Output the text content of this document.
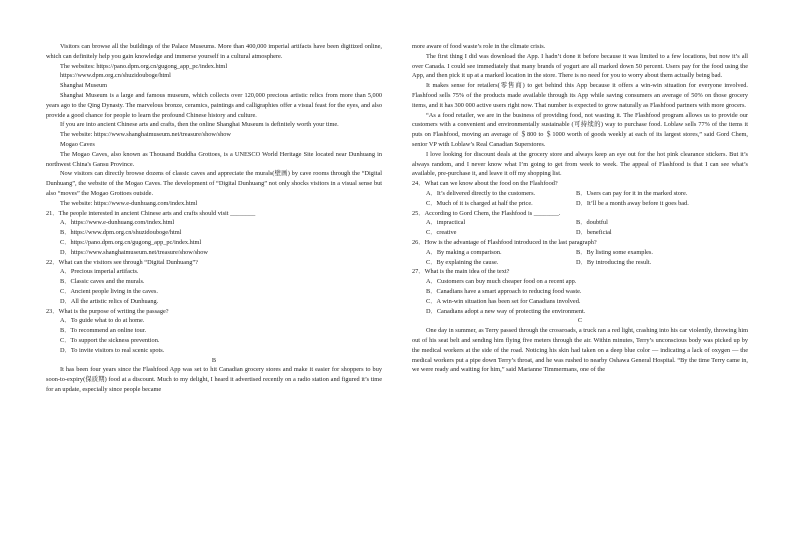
Visitors can browse all the buildings of the Palace Museums. More than 400,000 imperial artifacts have been digitized online, which can definitely help you gain knowledge and immerse yourself in a cultural atmosphere.

The websites: https://pano.dpm.org.cn/gugong_app_pc/index.html

https://www.dpm.org.cn/shuzidouboge/html

Shanghai Museum

Shanghai Museum is a large and famous museum, which collects over 120,000 precious artistic relics from more than 5,000 years ago to the Qing Dynasty. The marvelous bronze, ceramics, paintings and calligraphies offer a visual feast for the eyes, and also provide a good chance for people to learn the profound Chinese history and culture.

If you are into ancient Chinese arts and crafts, then the online Shanghai Museum is definitely worth your time.

The website: https://www.shanghaimuseum.net/treasure/show/show

Mogao Caves

The Mogao Caves, also known as Thousand Buddha Grottoes, is a UNESCO World Heritage Site located near Dunhuang in northwest China's Gansu Province.

Now visitors can directly browse dozens of classic caves and appreciate the murals(壁画) by cave rooms through the “Digital Dunhuang”, the website of the Mogao Caves. The development of “Digital Dunhuang” not only shocks visitors in a visual sense but also “moves” the Mogao Grottoes outside.

The website: https://www.e-dunhuang.com/index.html

21．The people interested in ancient Chinese arts and crafts should visit ________

A．https://www.e-dunhuang.com/index.html

B．https://www.dpm.org.cn/shuzidouboge/html

C．https://pano.dpm.org.cn/gugong_app_pc/index.html

D．https://www.shanghaimuseum.net/treasure/show/show

22．What can the visitors see through “Digital Dunhuang”?

A．Precious imperial artifacts.

B．Classic caves and the murals.

C．Ancient people living in the caves.

D．All the artistic relics of Dunhuang.

23．What is the purpose of writing the passage?

A．To guide what to do at home.

B．To recommend an online tour.

C．To support the sickness prevention.

D．To invite visitors to real scenic spots.

B

It has been four years since the Flashfood App was set to hit Canadian grocery stores and make it easier for shoppers to buy soon-to-expiry(保质期) food at a discount. Much to my delight, I heard it advertised recently on a radio station and figured it’s time for an update, especially since people became

more aware of food waste’s role in the climate crisis.

The first thing I did was download the App. I hadn’t done it before because it was limited to a few locations, but now it’s all over Canada. I could see immediately that many brands of yogurt are all marked down 50 percent. Users pay for the food using the App, and then pick it up at a marked location in the store. There is no need for you to worry about them actually being bad.

It makes sense for retailers(零售商) to get behind this App because it offers a win-win situation for everyone involved. Flashfood sells 75% of the products made available through its App while saving consumers an average of 50% on those grocery items, and it has 300 000 active users right now. That number is expected to grow naturally as Flashfood partners with more grocers.

“As a food retailer, we are in the business of providing food, not wasting it. The Flashfood program allows us to provide our customers with a convenient and environmentally sustainable (可持续的) way to purchase food. Loblaw sells 77% of the items it puts on Flashfood, moving an average of ＄800 to ＄1000 worth of goods weekly at each of its largest stores,” said Gord Chem, senior VP with Loblaw’s Real Canadian Superstores.

I love looking for discount deals at the grocery store and always keep an eye out for the hot pink clearance stickers. But it’s always random, and I never know what I’m going to get from week to week. The appeal of Flashfood is that I can see what’s available, pre-purchase it, and leave it off my shopping list.

24．What can we know about the food on the Flashfood?

A．It’s delivered directly to the customers.	B．Users can pay for it in the marked store.
C．Much of it is charged at half the price.	D．It’ll be a month away before it goes bad.

25．According to Gord Chem, the Flashfood is ________.

A．impractical	B．doubtful
C．creative	D．beneficial

26．How is the advantage of Flashfood introduced in the last paragraph?

A．By making a comparison.	B．By listing some examples.
C．By explaining the cause.	D．By introducing the result.

27．What is the main idea of the text?

A．Customers can buy much cheaper food on a recent app.

B．Canadians have a smart approach to reducing food waste.

C．A win-win situation has been set for Canadians involved.

D．Canadians adopt a new way of protecting the environment.

C

One day in summer, as Terry passed through the crossroads, a truck ran a red light, crashing into his car violently, throwing him out of his seat belt and sending him flying five meters through the air. Within minutes, Terry’s unconscious body was picked up by the medical workers at the side of the road. Noticing his skin had taken on a deep blue color — indicating a lack of oxygen — the medical workers put a pipe down Terry’s throat, and he was rushed to nearby Oshawa General Hospital. “By the time Terry came in, we were ready and waiting for him,” said Marianne Timmermans, one of the
